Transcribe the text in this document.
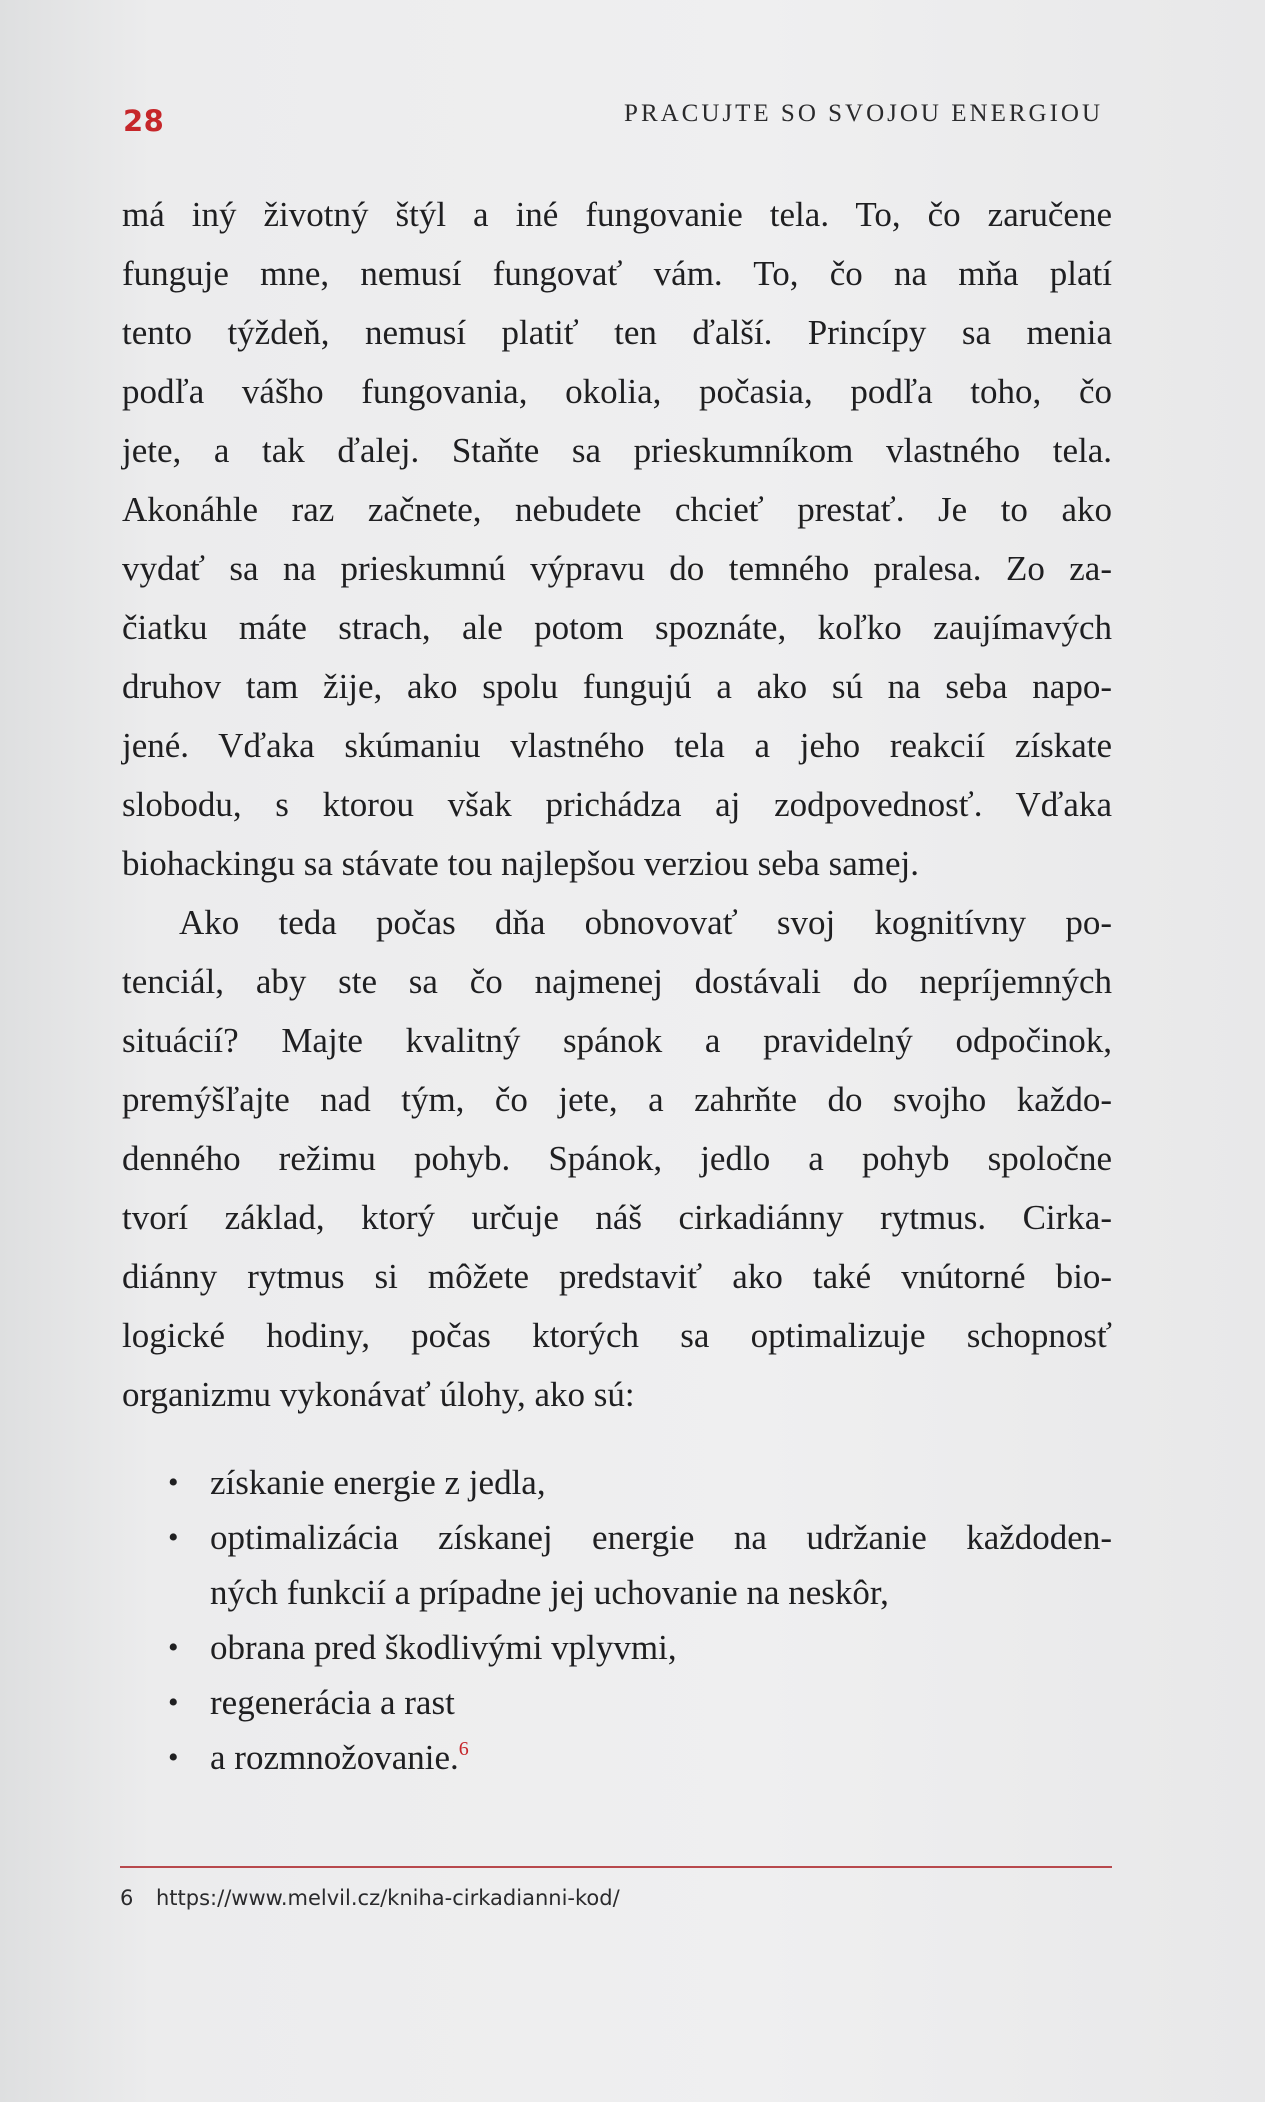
28	PRACUJTE SO SVOJOU ENERGIOU
má iný životný štýl a iné fungovanie tela. To, čo zaručene
funguje mne, nemusí fungovať vám. To, čo na mňa platí
tento týždeň, nemusí platiť ten ďalší. Princípy sa menia
podľa vášho fungovania, okolia, počasia, podľa toho, čo
jete, a tak ďalej. Staňte sa prieskumníkom vlastného tela.
Akonáhle raz začnete, nebudete chcieť prestať. Je to ako
vydať sa na prieskumnú výpravu do temného pralesa. Zo za-
čiatku máte strach, ale potom spoznáte, koľko zaujímavých
druhov tam žije, ako spolu fungujú a ako sú na seba napo-
jené. Vďaka skúmaniu vlastného tela a jeho reakcií získate
slobodu, s ktorou však prichádza aj zodpovednosť. Vďaka
biohackingu sa stávate tou najlepšou verziou seba samej.
Ako teda počas dňa obnovovať svoj kognitívny po-
tenciál, aby ste sa čo najmenej dostávali do nepríjemných
situácií? Majte kvalitný spánok a pravidelný odpočinok,
premýšľajte nad tým, čo jete, a zahrňte do svojho každo-
denného režimu pohyb. Spánok, jedlo a pohyb spoločne
tvorí základ, ktorý určuje náš cirkadiánny rytmus. Cirka-
diánny rytmus si môžete predstaviť ako také vnútorné bio-
logické hodiny, počas ktorých sa optimalizuje schopnosť
organizmu vykonávať úlohy, ako sú:
• získanie energie z jedla,
• optimalizácia získanej energie na udržanie každoden-
ných funkcií a prípadne jej uchovanie na neskôr,
• obrana pred škodlivými vplyvmi,
• regenerácia a rast
• a rozmnožovanie.$^6$
6 https://www.melvil.cz/kniha-cirkadianni-kod/
